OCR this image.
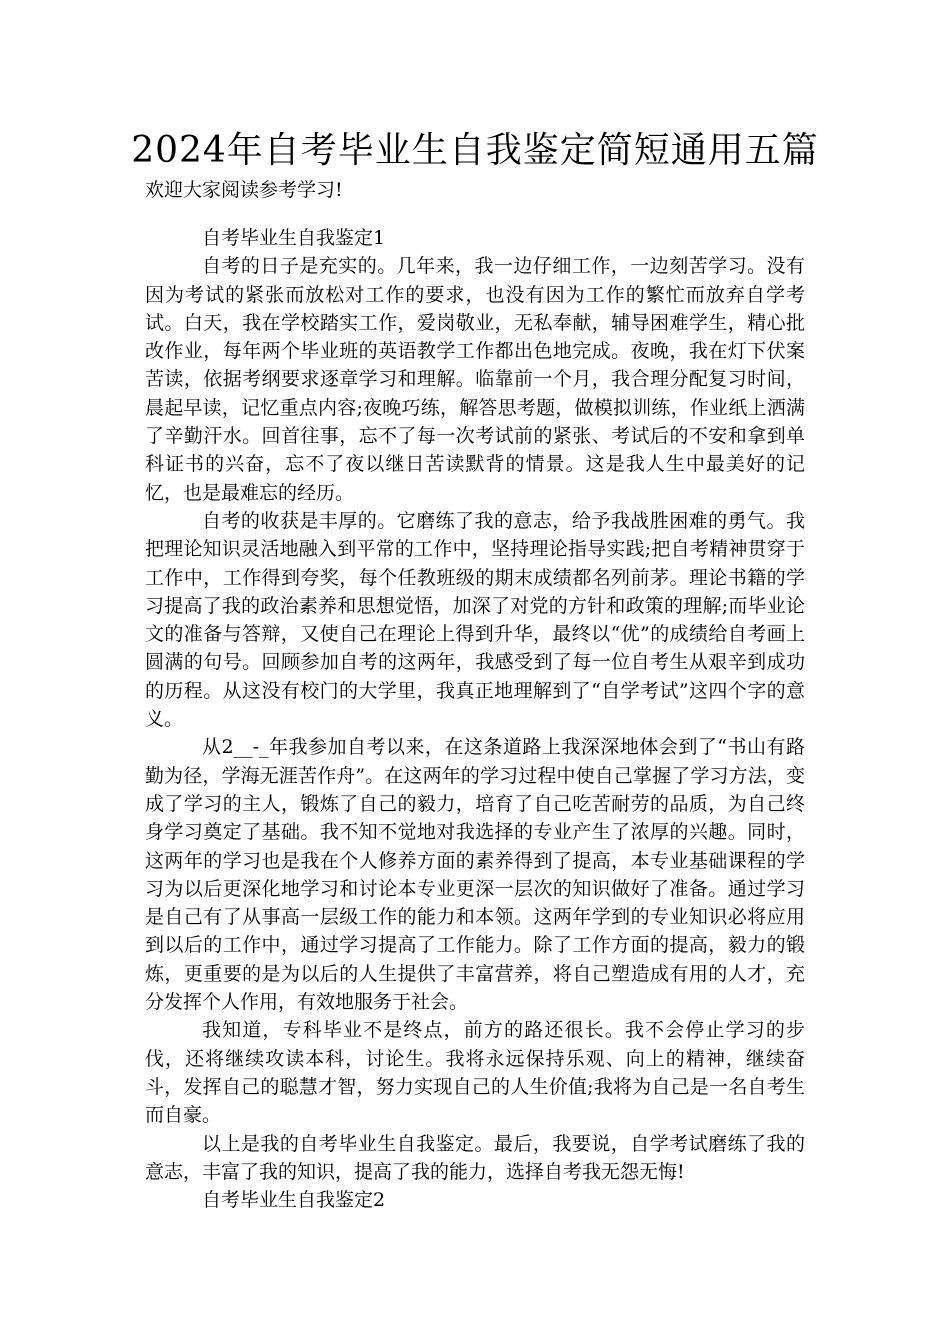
2024年自考毕业生自我鉴定简短通用五篇

欢迎大家阅读参考学习!

自考毕业生自我鉴定1

自考的日子是充实的。几年来，我一边仔细工作，一边刻苦学习。没有因为考试的紧张而放松对工作的要求，也没有因为工作的繁忙而放弃自学考试。白天，我在学校踏实工作，爱岗敬业，无私奉献，辅导困难学生，精心批改作业，每年两个毕业班的英语教学工作都出色地完成。夜晚，我在灯下伏案苦读，依据考纲要求逐章学习和理解。临靠前一个月，我合理分配复习时间，晨起早读，记忆重点内容;夜晚巧练，解答思考题，做模拟训练，作业纸上洒满了辛勤汗水。回首往事，忘不了每一次考试前的紧张、考试后的不安和拿到单科证书的兴奋，忘不了夜以继日苦读默背的情景。这是我人生中最美好的记忆，也是最难忘的经历。

自考的收获是丰厚的。它磨练了我的意志，给予我战胜困难的勇气。我把理论知识灵活地融入到平常的工作中，坚持理论指导实践;把自考精神贯穿于工作中，工作得到夸奖，每个任教班级的期末成绩都名列前茅。理论书籍的学习提高了我的政治素养和思想觉悟，加深了对党的方针和政策的理解;而毕业论文的准备与答辩，又使自己在理论上得到升华，最终以“优”的成绩给自考画上圆满的句号。回顾参加自考的这两年，我感受到了每一位自考生从艰辛到成功的历程。从这没有校门的大学里，我真正地理解到了“自学考试”这四个字的意义。

从2__-_年我参加自考以来，在这条道路上我深深地体会到了“书山有路勤为径，学海无涯苦作舟”。在这两年的学习过程中使自己掌握了学习方法，变成了学习的主人，锻炼了自己的毅力，培育了自己吃苦耐劳的品质，为自己终身学习奠定了基础。我不知不觉地对我选择的专业产生了浓厚的兴趣。同时，这两年的学习也是我在个人修养方面的素养得到了提高，本专业基础课程的学习为以后更深化地学习和讨论本专业更深一层次的知识做好了准备。通过学习是自己有了从事高一层级工作的能力和本领。这两年学到的专业知识必将应用到以后的工作中，通过学习提高了工作能力。除了工作方面的提高，毅力的锻炼，更重要的是为以后的人生提供了丰富营养，将自己塑造成有用的人才，充分发挥个人作用，有效地服务于社会。

我知道，专科毕业不是终点，前方的路还很长。我不会停止学习的步伐，还将继续攻读本科，讨论生。我将永远保持乐观、向上的精神，继续奋斗，发挥自己的聪慧才智，努力实现自己的人生价值;我将为自己是一名自考生而自豪。

以上是我的自考毕业生自我鉴定。最后，我要说，自学考试磨练了我的意志，丰富了我的知识，提高了我的能力，选择自考我无怨无悔!

自考毕业生自我鉴定2
